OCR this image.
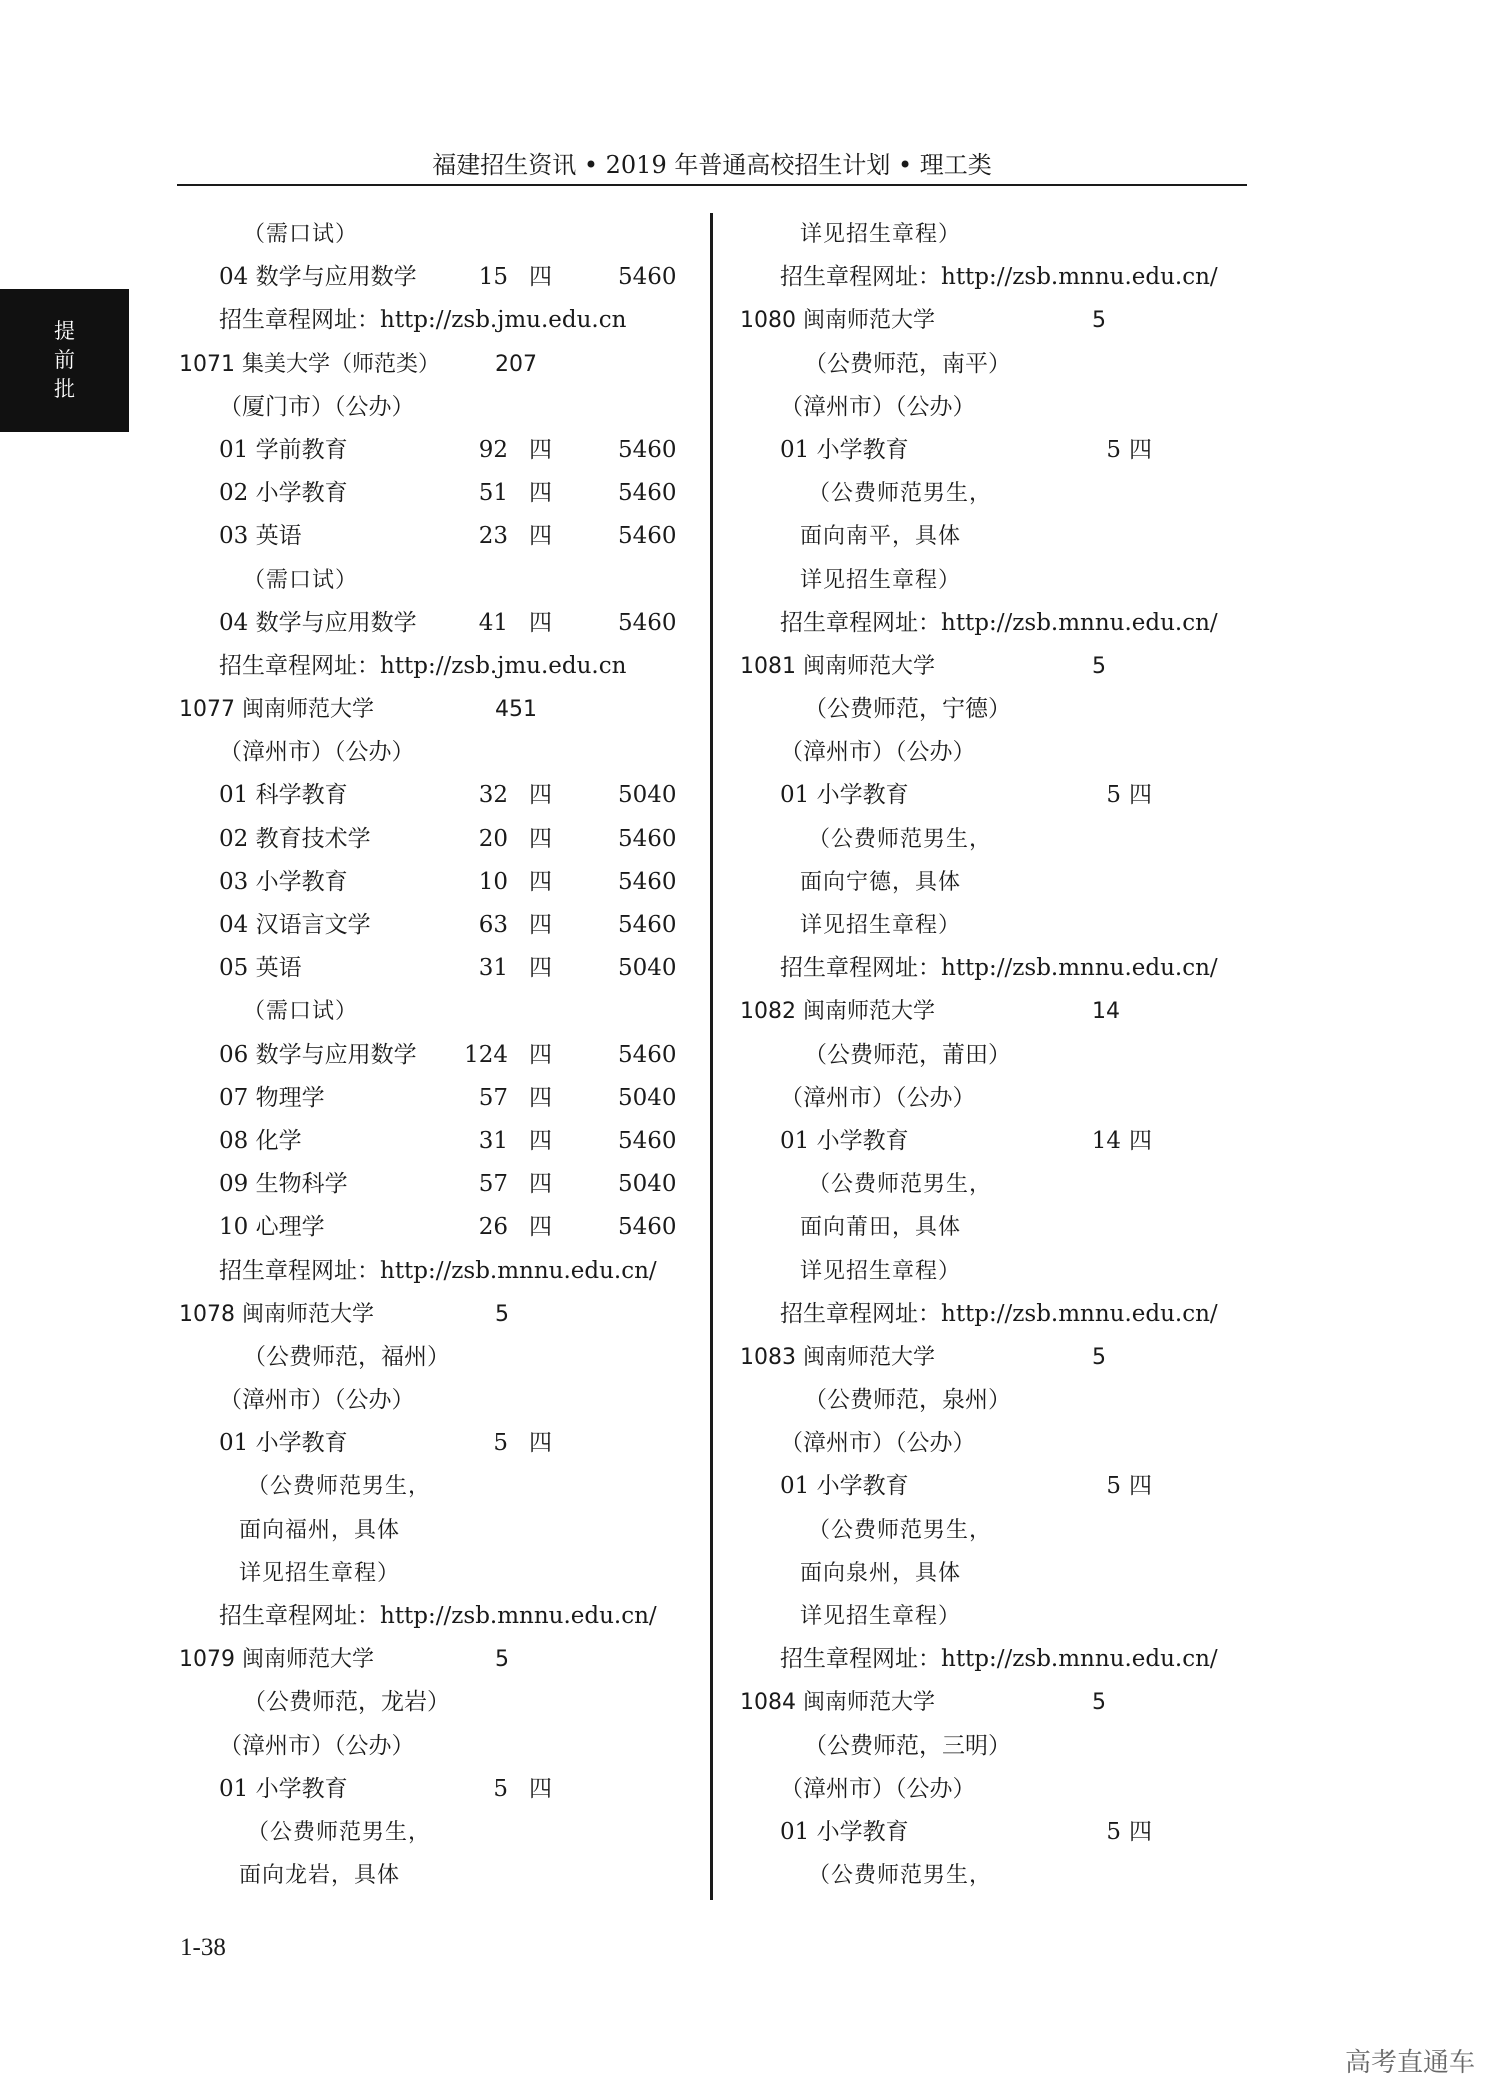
福建招生资讯 • 2019 年普通高校招生计划 • 理工类
提
前
批
（需口试）
04 数学与应用数学	15 四	5460
招生章程网址：http://zsb.jmu.edu.cn
1071 集美大学（师范类）	207
（厦门市）（公办）
01 学前教育	92 四	5460
02 小学教育	51 四	5460
03 英语	23 四	5460
（需口试）
04 数学与应用数学	41 四	5460
招生章程网址：http://zsb.jmu.edu.cn
1077 闽南师范大学	451
（漳州市）（公办）
01 科学教育	32 四	5040
02 教育技术学	20 四	5460
03 小学教育	10 四	5460
04 汉语言文学	63 四	5460
05 英语	31 四	5040
（需口试）
06 数学与应用数学 124 四	5460
07 物理学	57 四	5040
08 化学	31 四	5460
09 生物科学	57 四	5040
10 心理学	26 四	5460
招生章程网址：http://zsb.mnnu.edu.cn/
1078 闽南师范大学	5
（公费师范，福州）
（漳州市）（公办）
01 小学教育	5 四
（公费师范男生，
面向福州，具体
详见招生章程）
招生章程网址：http://zsb.mnnu.edu.cn/
1079 闽南师范大学	5
（公费师范，龙岩）
（漳州市）（公办）
01 小学教育	5 四
（公费师范男生，
面向龙岩，具体
详见招生章程）
招生章程网址：http://zsb.mnnu.edu.cn/
1080 闽南师范大学	5
（公费师范，南平）
（漳州市）（公办）
01 小学教育	5 四
（公费师范男生，
面向南平，具体
详见招生章程）
招生章程网址：http://zsb.mnnu.edu.cn/
1081 闽南师范大学	5
（公费师范，宁德）
（漳州市）（公办）
01 小学教育	5 四
（公费师范男生，
面向宁德，具体
详见招生章程）
招生章程网址：http://zsb.mnnu.edu.cn/
1082 闽南师范大学	14
（公费师范，莆田）
（漳州市）（公办）
01 小学教育	14 四
（公费师范男生，
面向莆田，具体
详见招生章程）
招生章程网址：http://zsb.mnnu.edu.cn/
1083 闽南师范大学	5
（公费师范，泉州）
（漳州市）（公办）
01 小学教育	5 四
（公费师范男生，
面向泉州，具体
详见招生章程）
招生章程网址：http://zsb.mnnu.edu.cn/
1084 闽南师范大学	5
（公费师范，三明）
（漳州市）（公办）
01 小学教育	5 四
（公费师范男生，
1-38
高考直通车
